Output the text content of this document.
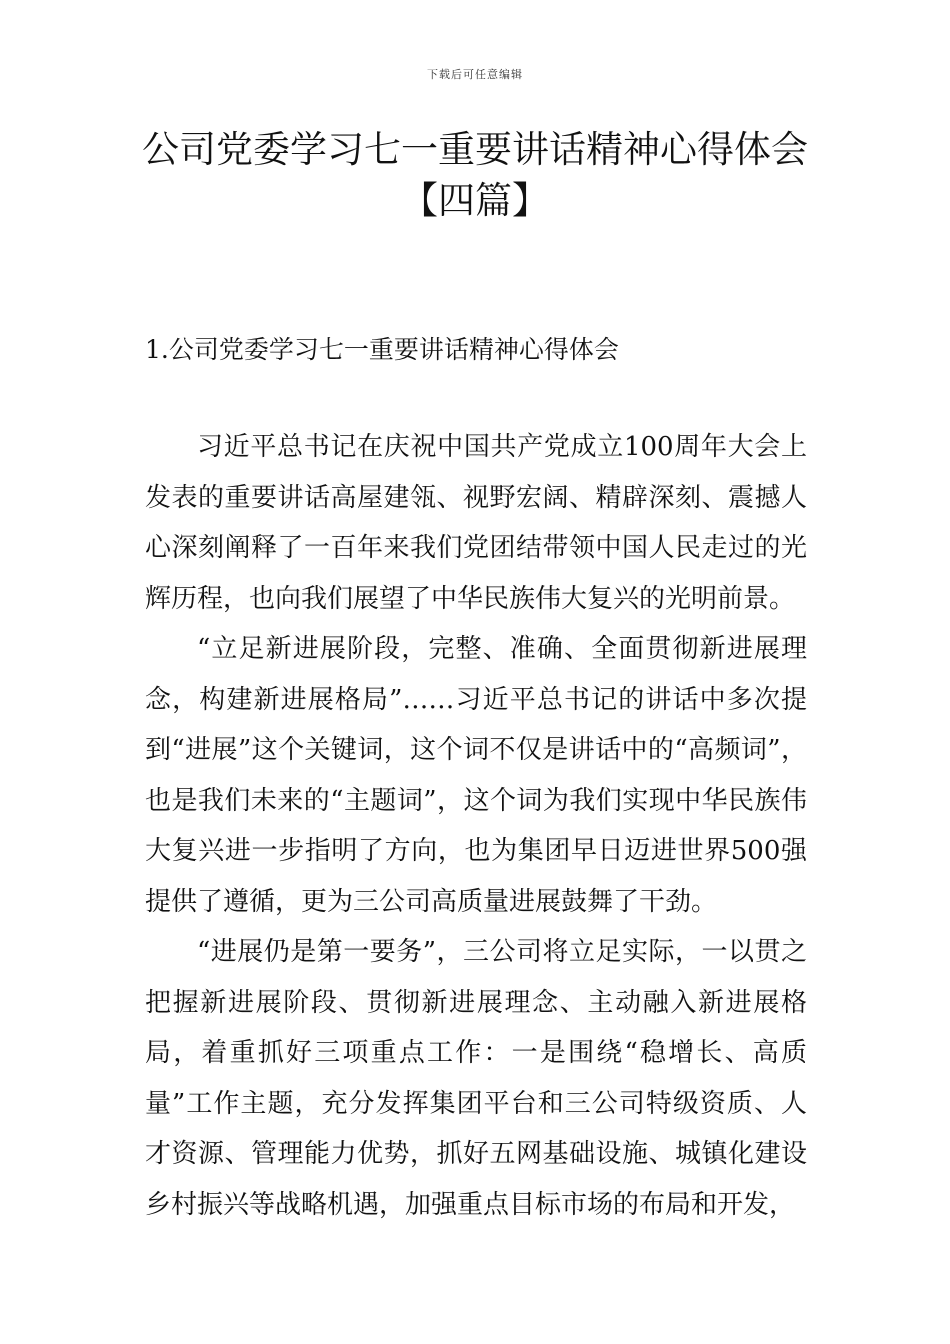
下载后可任意编辑
公司党委学习七一重要讲话精神心得体会
【四篇】
1.公司党委学习七一重要讲话精神心得体会

习近平总书记在庆祝中国共产党成立100周年大会上发表的重要讲话高屋建瓴、视野宏阔、精辟深刻、震撼人心深刻阐释了一百年来我们党团结带领中国人民走过的光辉历程，也向我们展望了中华民族伟大复兴的光明前景。

“立足新进展阶段，完整、准确、全面贯彻新进展理念，构建新进展格局”……习近平总书记的讲话中多次提到“进展”这个关键词，这个词不仅是讲话中的“高频词”，也是我们未来的“主题词”，这个词为我们实现中华民族伟大复兴进一步指明了方向，也为集团早日迈进世界500强提供了遵循，更为三公司高质量进展鼓舞了干劲。

“进展仍是第一要务”，三公司将立足实际，一以贯之把握新进展阶段、贯彻新进展理念、主动融入新进展格局，着重抓好三项重点工作：一是围绕“稳增长、高质量”工作主题，充分发挥集团平台和三公司特级资质、人才资源、管理能力优势，抓好五网基础设施、城镇化建设乡村振兴等战略机遇，加强重点目标市场的布局和开发，
